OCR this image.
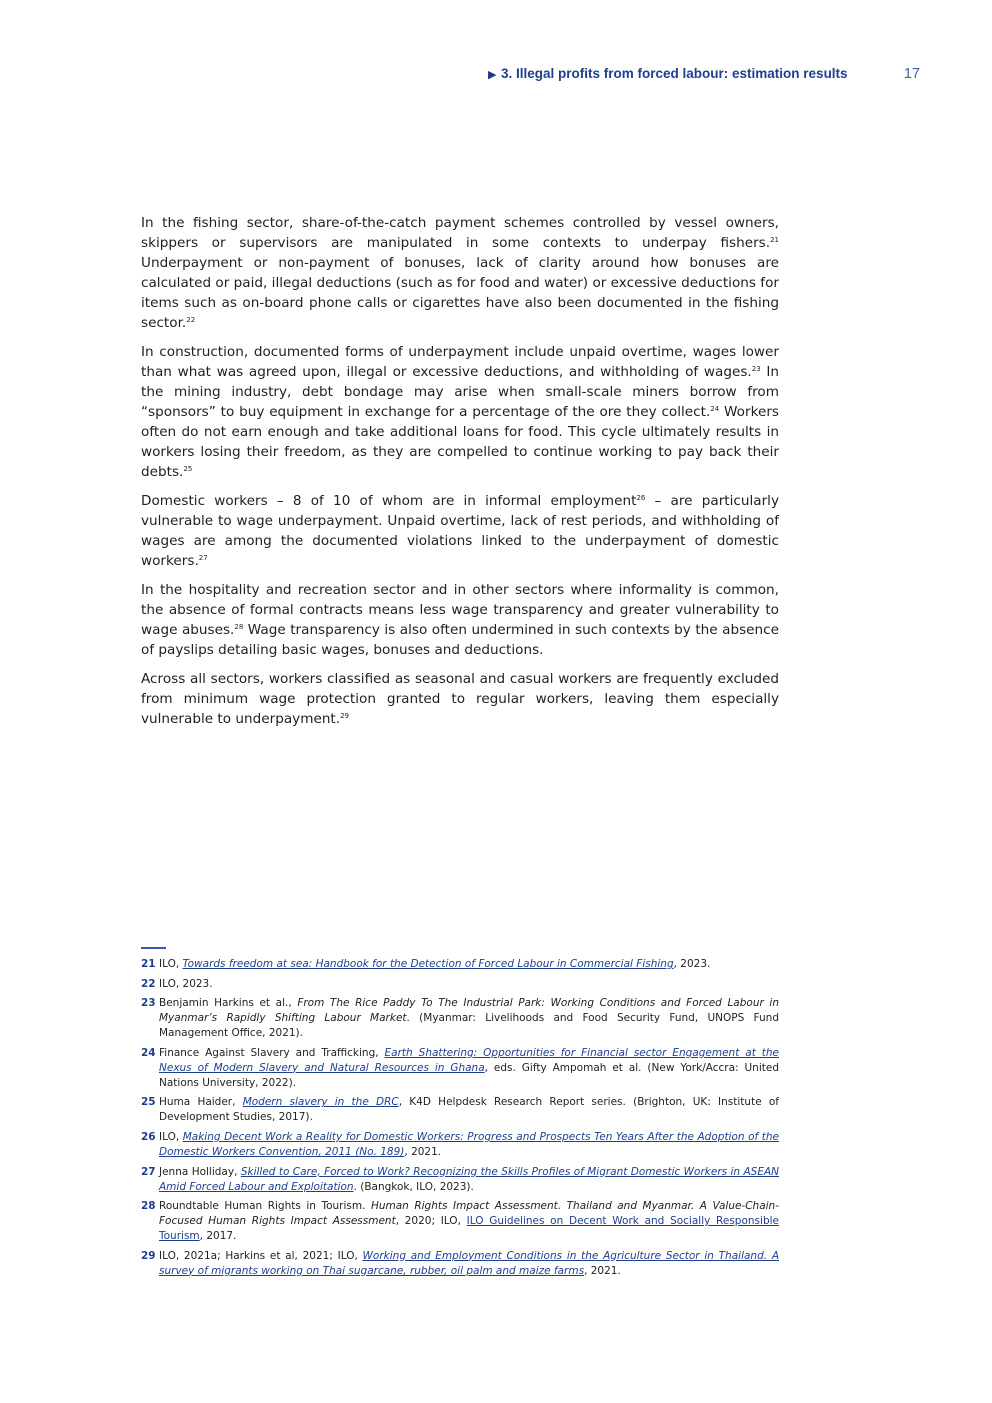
▶ 3. Illegal profits from forced labour: estimation results	17

In the fishing sector, share-of-the-catch payment schemes controlled by vessel owners, skippers or supervisors are manipulated in some contexts to underpay fishers.$^{21}$ Underpayment or non-payment of bonuses, lack of clarity around how bonuses are calculated or paid, illegal deductions (such as for food and water) or excessive deductions for items such as on-board phone calls or cigarettes have also been documented in the fishing sector.$^{22}$

In construction, documented forms of underpayment include unpaid overtime, wages lower than what was agreed upon, illegal or excessive deductions, and withholding of wages.$^{23}$ In the mining industry, debt bondage may arise when small-scale miners borrow from “sponsors” to buy equipment in exchange for a percentage of the ore they collect.$^{24}$ Workers often do not earn enough and take additional loans for food. This cycle ultimately results in workers losing their freedom, as they are compelled to continue working to pay back their debts.$^{25}$

Domestic workers – 8 of 10 of whom are in informal employment$^{26}$ – are particularly vulnerable to wage underpayment. Unpaid overtime, lack of rest periods, and withholding of wages are among the documented violations linked to the underpayment of domestic workers.$^{27}$

In the hospitality and recreation sector and in other sectors where informality is common, the absence of formal contracts means less wage transparency and greater vulnerability to wage abuses.$^{28}$ Wage transparency is also often undermined in such contexts by the absence of payslips detailing basic wages, bonuses and deductions.

Across all sectors, workers classified as seasonal and casual workers are frequently excluded from minimum wage protection granted to regular workers, leaving them especially vulnerable to underpayment.$^{29}$

21 ILO, Towards freedom at sea: Handbook for the Detection of Forced Labour in Commercial Fishing, 2023.
22 ILO, 2023.
23 Benjamin Harkins et al., From The Rice Paddy To The Industrial Park: Working Conditions and Forced Labour in Myanmar’s Rapidly Shifting Labour Market. (Myanmar: Livelihoods and Food Security Fund, UNOPS Fund Management Office, 2021).
24 Finance Against Slavery and Trafficking, Earth Shattering: Opportunities for Financial sector Engagement at the Nexus of Modern Slavery and Natural Resources in Ghana, eds. Gifty Ampomah et al. (New York/Accra: United Nations University, 2022).
25 Huma Haider, Modern slavery in the DRC, K4D Helpdesk Research Report series. (Brighton, UK: Institute of Development Studies, 2017).
26 ILO, Making Decent Work a Reality for Domestic Workers: Progress and Prospects Ten Years After the Adoption of the Domestic Workers Convention, 2011 (No. 189), 2021.
27 Jenna Holliday, Skilled to Care, Forced to Work? Recognizing the Skills Profiles of Migrant Domestic Workers in ASEAN Amid Forced Labour and Exploitation. (Bangkok, ILO, 2023).
28 Roundtable Human Rights in Tourism. Human Rights Impact Assessment. Thailand and Myanmar. A Value-Chain-Focused Human Rights Impact Assessment, 2020; ILO, ILO Guidelines on Decent Work and Socially Responsible Tourism, 2017.
29 ILO, 2021a; Harkins et al, 2021; ILO, Working and Employment Conditions in the Agriculture Sector in Thailand. A survey of migrants working on Thai sugarcane, rubber, oil palm and maize farms, 2021.
